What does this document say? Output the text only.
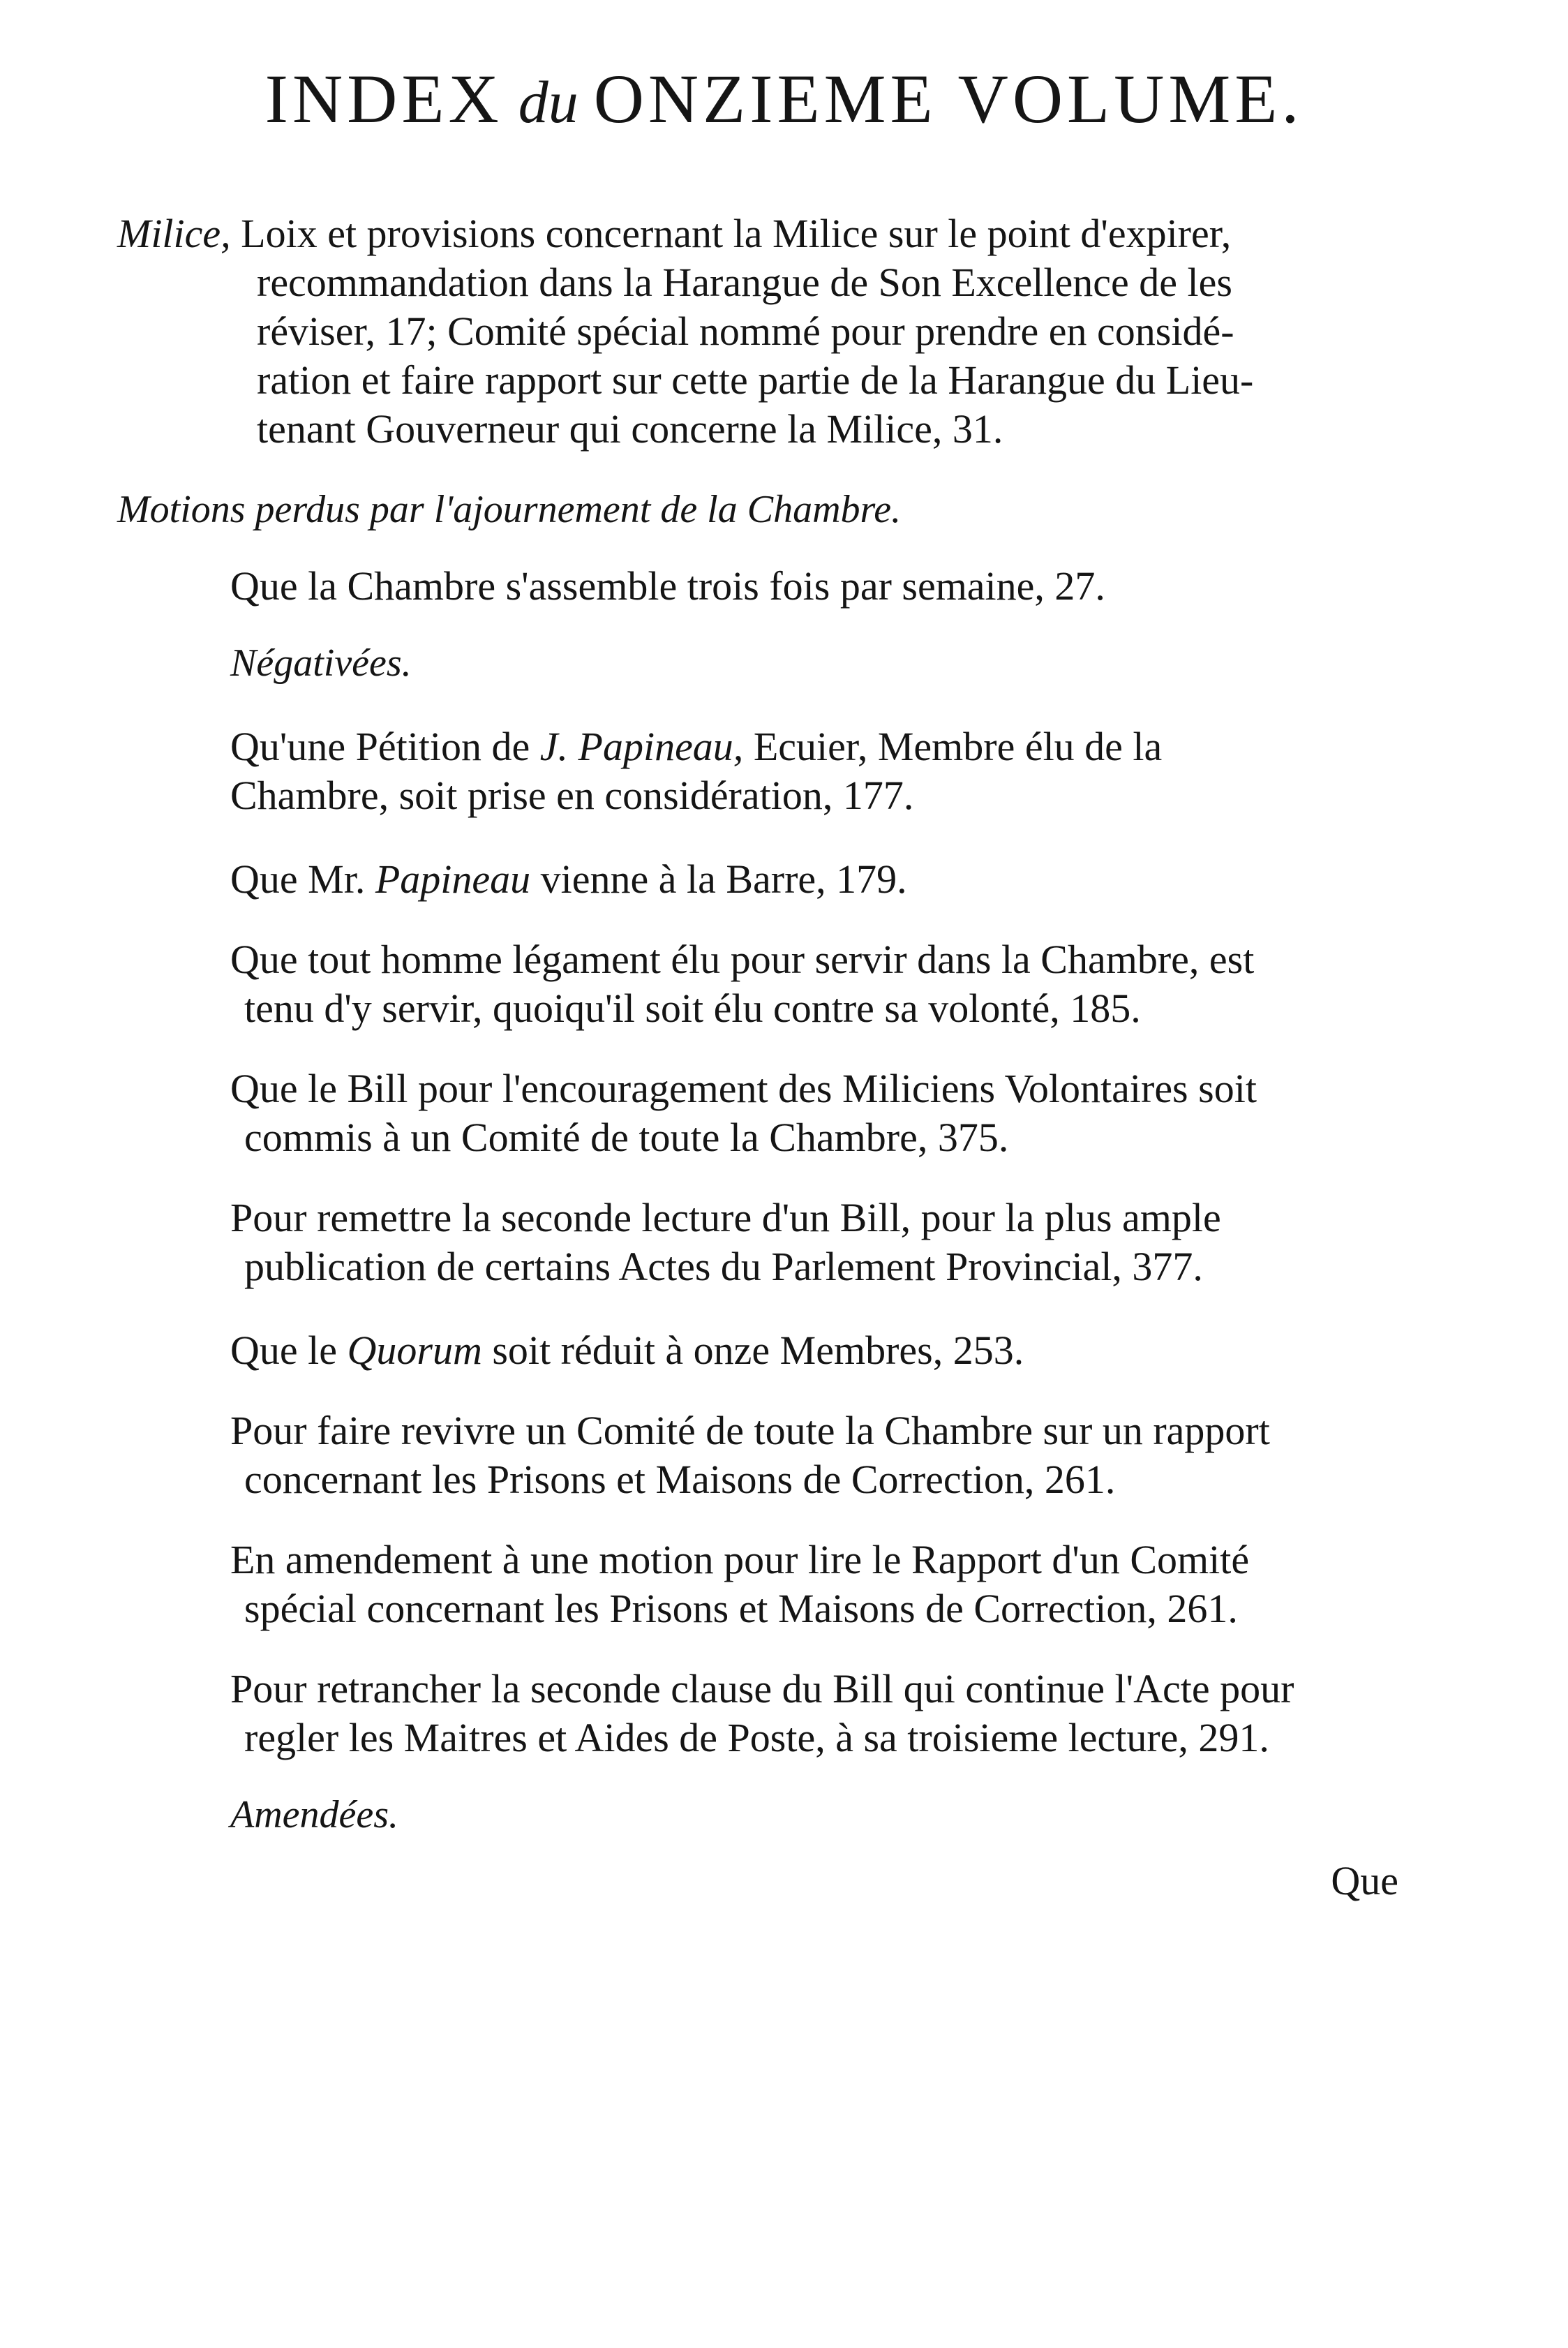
INDEX du ONZIEME VOLUME.
Milice, Loix et provisions concernant la Milice sur le point d'expirer,
recommandation dans la Harangue de Son Excellence de les
réviser, 17; Comité spécial nommé pour prendre en considé-
ration et faire rapport sur cette partie de la Harangue du Lieu-
tenant Gouverneur qui concerne la Milice, 31.
Motions perdus par l'ajournement de la Chambre.
Que la Chambre s'assemble trois fois par semaine, 27.
Négativées.
Qu'une Pétition de J. Papineau, Ecuier, Membre élu de la
Chambre, soit prise en considération, 177.
Que Mr. Papineau vienne à la Barre, 179.
Que tout homme légament élu pour servir dans la Chambre, est
tenu d'y servir, quoiqu'il soit élu contre sa volonté, 185.
Que le Bill pour l'encouragement des Miliciens Volontaires soit
commis à un Comité de toute la Chambre, 375.
Pour remettre la seconde lecture d'un Bill, pour la plus ample
publication de certains Actes du Parlement Provincial, 377.
Que le Quorum soit réduit à onze Membres, 253.
Pour faire revivre un Comité de toute la Chambre sur un rapport
concernant les Prisons et Maisons de Correction, 261.
En amendement à une motion pour lire le Rapport d'un Comité
spécial concernant les Prisons et Maisons de Correction, 261.
Pour retrancher la seconde clause du Bill qui continue l'Acte pour
regler les Maitres et Aides de Poste, à sa troisieme lecture, 291.
Amendées.
Que
